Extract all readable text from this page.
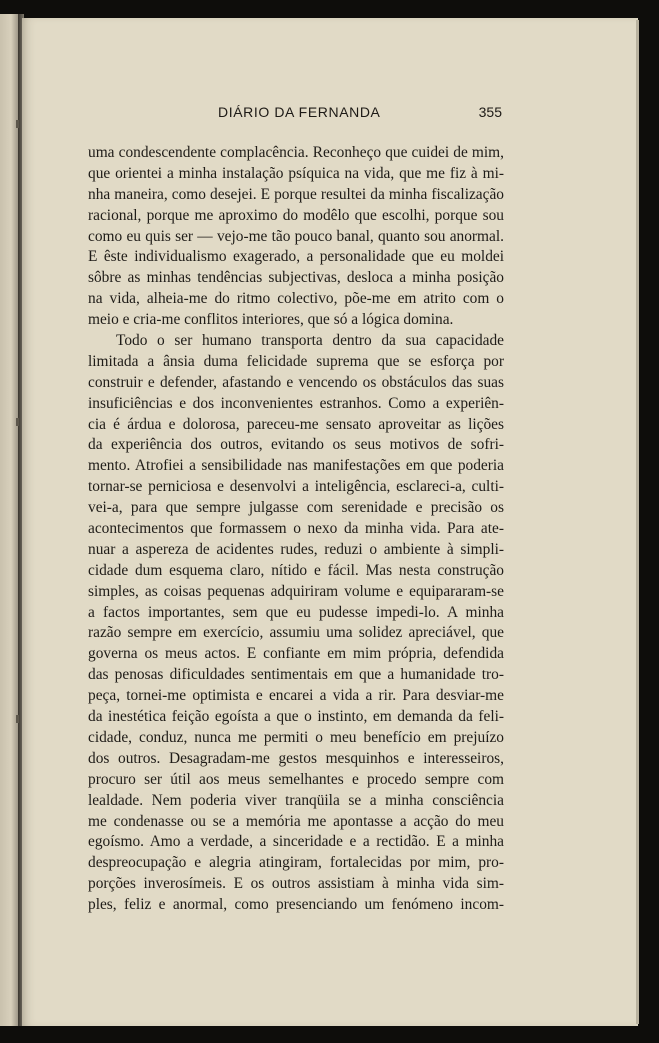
DIÁRIO DA FERNANDA	355
uma condescendente complacência. Reconheço que cuidei de mim,
que orientei a minha instalação psíquica na vida, que me fiz à mi-
nha maneira, como desejei. E porque resultei da minha fiscalização
racional, porque me aproximo do modêlo que escolhi, porque sou
como eu quis ser — vejo-me tão pouco banal, quanto sou anormal.
E êste individualismo exagerado, a personalidade que eu moldei
sôbre as minhas tendências subjectivas, desloca a minha posição
na vida, alheia-me do ritmo colectivo, põe-me em atrito com o
meio e cria-me conflitos interiores, que só a lógica domina.
Todo o ser humano transporta dentro da sua capacidade
limitada a ânsia duma felicidade suprema que se esforça por
construir e defender, afastando e vencendo os obstáculos das suas
insuficiências e dos inconvenientes estranhos. Como a experiên-
cia é árdua e dolorosa, pareceu-me sensato aproveitar as lições
da experiência dos outros, evitando os seus motivos de sofri-
mento. Atrofiei a sensibilidade nas manifestações em que poderia
tornar-se perniciosa e desenvolvi a inteligência, esclareci-a, culti-
vei-a, para que sempre julgasse com serenidade e precisão os
acontecimentos que formassem o nexo da minha vida. Para ate-
nuar a aspereza de acidentes rudes, reduzi o ambiente à simpli-
cidade dum esquema claro, nítido e fácil. Mas nesta construção
simples, as coisas pequenas adquiriram volume e equipararam-se
a factos importantes, sem que eu pudesse impedi-lo. A minha
razão sempre em exercício, assumiu uma solidez apreciável, que
governa os meus actos. E confiante em mim própria, defendida
das penosas dificuldades sentimentais em que a humanidade tro-
peça, tornei-me optimista e encarei a vida a rir. Para desviar-me
da inestética feição egoísta a que o instinto, em demanda da feli-
cidade, conduz, nunca me permiti o meu benefício em prejuízo
dos outros. Desagradam-me gestos mesquinhos e interesseiros,
procuro ser útil aos meus semelhantes e procedo sempre com
lealdade. Nem poderia viver tranqüila se a minha consciência
me condenasse ou se a memória me apontasse a acção do meu
egoísmo. Amo a verdade, a sinceridade e a rectidão. E a minha
despreocupação e alegria atingiram, fortalecidas por mim, pro-
porções inverosímeis. E os outros assistiam à minha vida sim-
ples, feliz e anormal, como presenciando um fenómeno incom-
